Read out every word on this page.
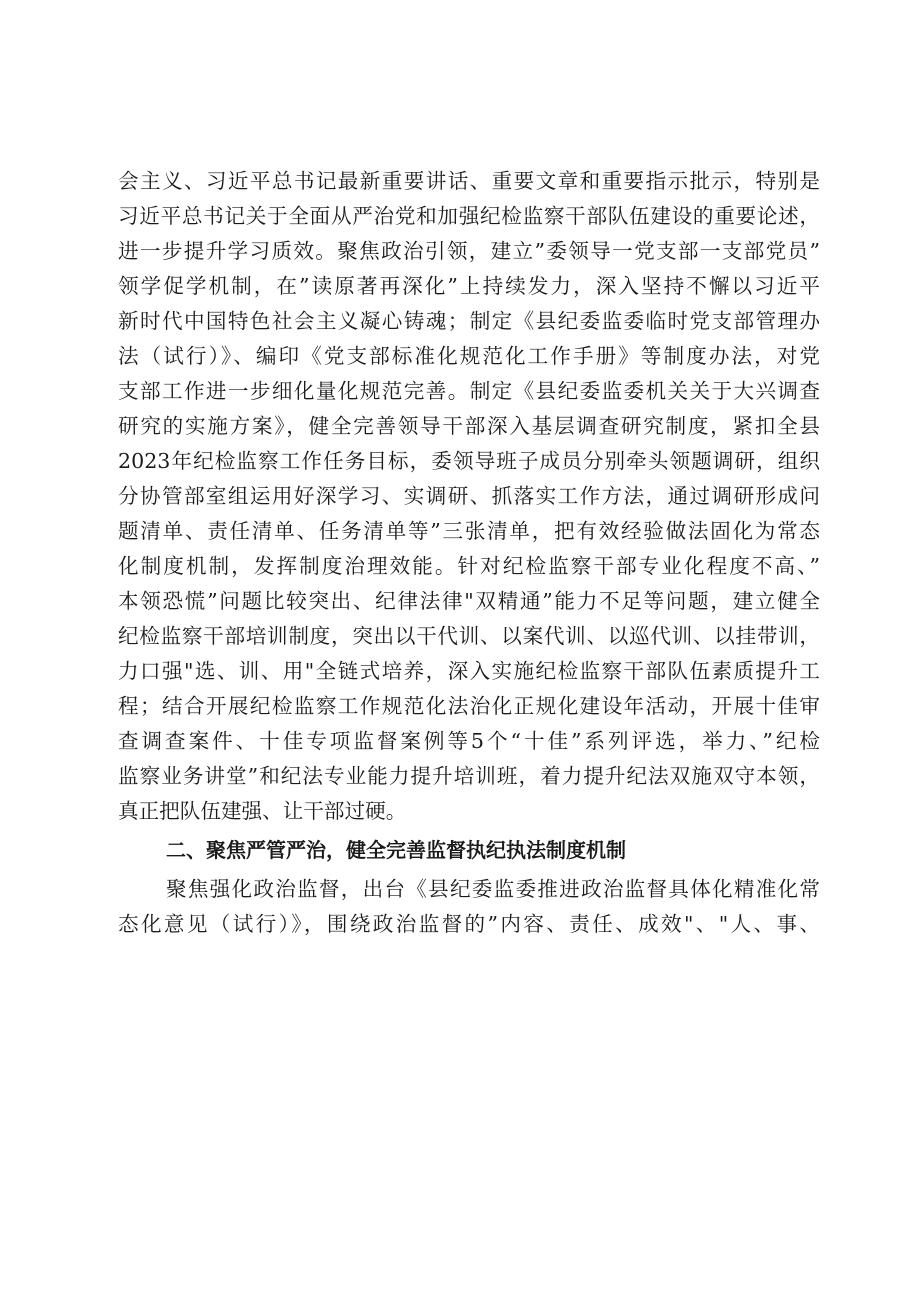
会主义、习近平总书记最新重要讲话、重要文章和重要指示批示，特别是
习近平总书记关于全面从严治党和加强纪检监察干部队伍建设的重要论述，
进一步提升学习质效。聚焦政治引领，建立”委领导一党支部一支部党员”
领学促学机制，在”读原著再深化”上持续发力，深入坚持不懈以习近平
新时代中国特色社会主义凝心铸魂；制定《县纪委监委临时党支部管理办
法（试行）》、编印《党支部标准化规范化工作手册》等制度办法，对党
支部工作进一步细化量化规范完善。制定《县纪委监委机关关于大兴调查
研究的实施方案》，健全完善领导干部深入基层调查研究制度，紧扣全县
2023年纪检监察工作任务目标，委领导班子成员分别牵头领题调研，组织
分协管部室组运用好深学习、实调研、抓落实工作方法，通过调研形成问
题清单、责任清单、任务清单等”三张清单，把有效经验做法固化为常态
化制度机制，发挥制度治理效能。针对纪检监察干部专业化程度不高、”
本领恐慌”问题比较突出、纪律法律"双精通”能力不足等问题，建立健全
纪检监察干部培训制度，突出以干代训、以案代训、以巡代训、以挂带训，
力口强"选、训、用"全链式培养，深入实施纪检监察干部队伍素质提升工
程；结合开展纪检监察工作规范化法治化正规化建设年活动，开展十佳审
查调查案件、十佳专项监督案例等5个“十佳”系列评选，举力、”纪检
监察业务讲堂”和纪法专业能力提升培训班，着力提升纪法双施双守本领，
真正把队伍建强、让干部过硬。
二、聚焦严管严治，健全完善监督执纪执法制度机制
聚焦强化政治监督，出台《县纪委监委推进政治监督具体化精准化常
态化意见（试行）》，围绕政治监督的”内容、责任、成效"、"人、事、
